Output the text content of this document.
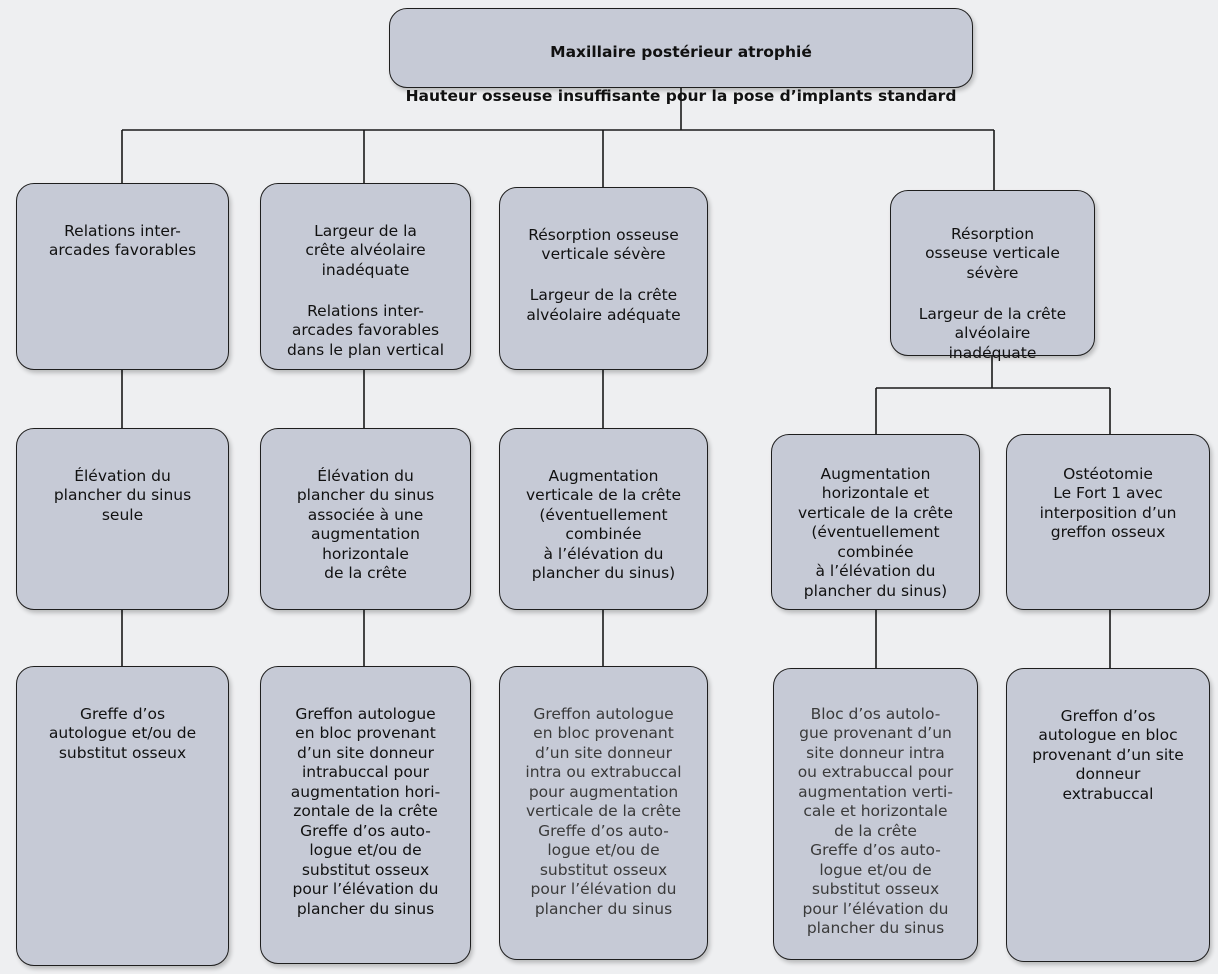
Maxillaire postérieur atrophié

Hauteur osseuse insuffisante pour la pose d’implants standard

Relations inter-
arcades favorables

Largeur de la
crête alvéolaire
inadéquate

Relations inter-
arcades favorables
dans le plan vertical

Résorption osseuse
verticale sévère

Largeur de la crête
alvéolaire adéquate

Résorption
osseuse verticale
sévère

Largeur de la crête
alvéolaire
inadéquate

Élévation du
plancher du sinus
seule

Élévation du
plancher du sinus
associée à une
augmentation
horizontale
de la crête

Augmentation
verticale de la crête
(éventuellement
combinée
à l’élévation du
plancher du sinus)

Augmentation
horizontale et
verticale de la crête
(éventuellement
combinée
à l’élévation du
plancher du sinus)

Ostéotomie
Le Fort 1 avec
interposition d’un
greffon osseux

Greffe d’os
autologue et/ou de
substitut osseux

Greffon autologue
en bloc provenant
d’un site donneur
intrabuccal pour
augmentation hori-
zontale de la crête
Greffe d’os auto-
logue et/ou de
substitut osseux
pour l’élévation du
plancher du sinus

Greffon autologue
en bloc provenant
d’un site donneur
intra ou extrabuccal
pour augmentation
verticale de la crête
Greffe d’os auto-
logue et/ou de
substitut osseux
pour l’élévation du
plancher du sinus

Bloc d’os autolo-
gue provenant d’un
site donneur intra
ou extrabuccal pour
augmentation verti-
cale et horizontale
de la crête
Greffe d’os auto-
logue et/ou de
substitut osseux
pour l’élévation du
plancher du sinus

Greffon d’os
autologue en bloc
provenant d’un site
donneur
extrabuccal
